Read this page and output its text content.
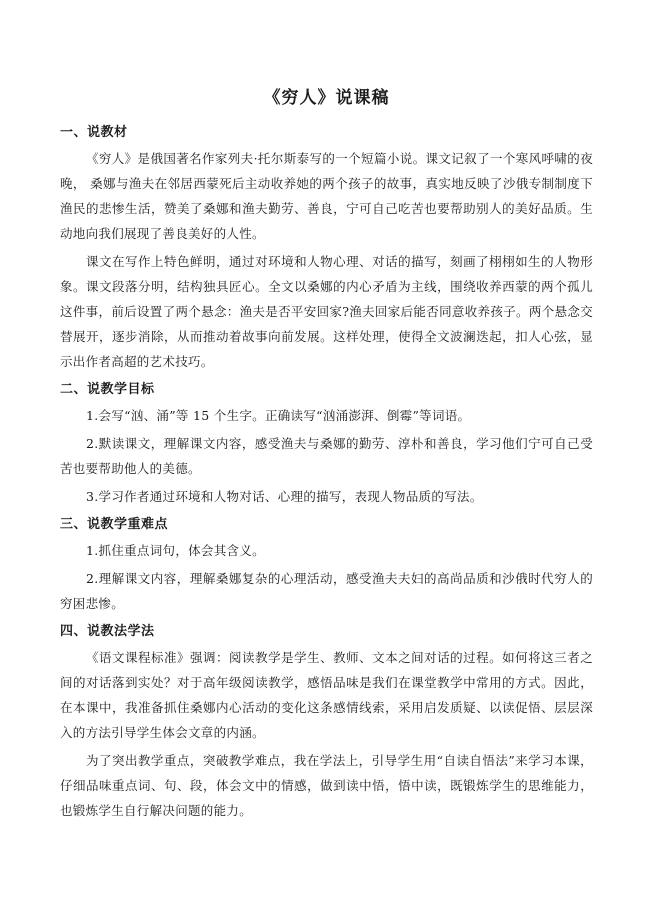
《穷人》说课稿
一、说教材

《穷人》是俄国著名作家列夫·托尔斯泰写的一个短篇小说。课文记叙了一个寒风呼啸的夜晚， 桑娜与渔夫在邻居西蒙死后主动收养她的两个孩子的故事，真实地反映了沙俄专制制度下渔民的悲惨生活，赞美了桑娜和渔夫勤劳、善良，宁可自己吃苦也要帮助别人的美好品质。生动地向我们展现了善良美好的人性。

课文在写作上特色鲜明，通过对环境和人物心理、对话的描写，刻画了栩栩如生的人物形象。课文段落分明，结构独具匠心。全文以桑娜的内心矛盾为主线，围绕收养西蒙的两个孤儿这件事，前后设置了两个悬念：渔夫是否平安回家?渔夫回家后能否同意收养孩子。两个悬念交替展开，逐步消除，从而推动着故事向前发展。这样处理，使得全文波澜迭起，扣人心弦，显示出作者高超的艺术技巧。

二、说教学目标

1.会写“汹、涌”等 15 个生字。正确读写“汹涌澎湃、倒霉”等词语。

2.默读课文，理解课文内容，感受渔夫与桑娜的勤劳、淳朴和善良，学习他们宁可自己受苦也要帮助他人的美德。

3.学习作者通过环境和人物对话、心理的描写，表现人物品质的写法。

三、说教学重难点

1.抓住重点词句，体会其含义。

2.理解课文内容，理解桑娜复杂的心理活动，感受渔夫夫妇的高尚品质和沙俄时代穷人的穷困悲惨。

四、说教法学法

《语文课程标准》强调：阅读教学是学生、教师、文本之间对话的过程。如何将这三者之间的对话落到实处？对于高年级阅读教学，感悟品味是我们在课堂教学中常用的方式。因此，在本课中，我准备抓住桑娜内心活动的变化这条感情线索，采用启发质疑、以读促悟、层层深入的方法引导学生体会文章的内涵。

为了突出教学重点，突破教学难点，我在学法上，引导学生用“自读自悟法”来学习本课，仔细品味重点词、句、段，体会文中的情感，做到读中悟，悟中读，既锻炼学生的思维能力，也锻炼学生自行解决问题的能力。
